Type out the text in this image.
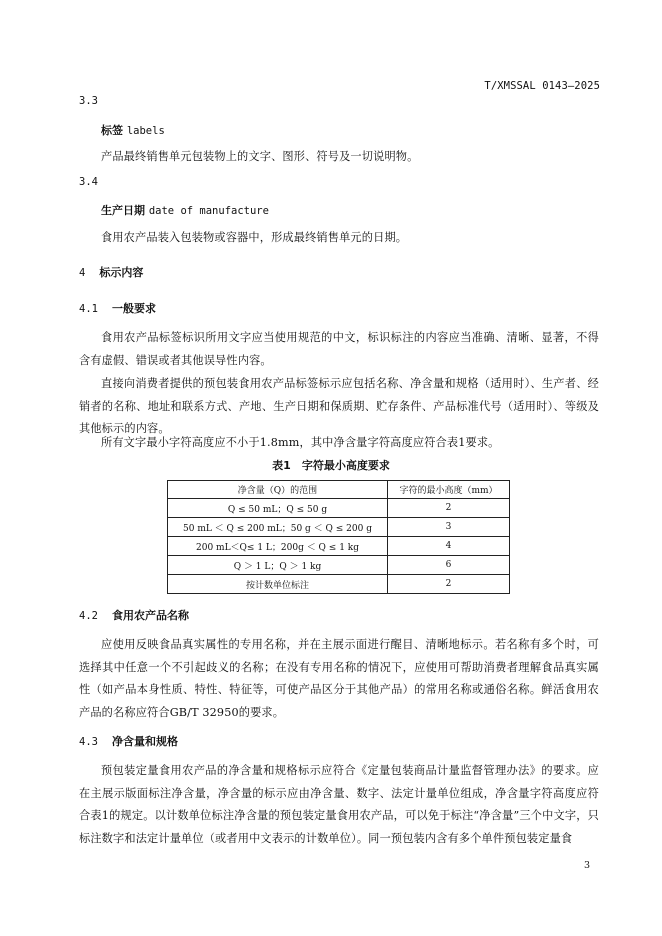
T/XMSSAL 0143—2025
3.3
标签 labels
产品最终销售单元包装物上的文字、图形、符号及一切说明物。
3.4
生产日期 date of manufacture
食用农产品装入包装物或容器中，形成最终销售单元的日期。
4 标示内容
4.1 一般要求
食用农产品标签标识所用文字应当使用规范的中文，标识标注的内容应当准确、清晰、显著，不得含有虚假、错误或者其他误导性内容。
直接向消费者提供的预包装食用农产品标签标示应包括名称、净含量和规格（适用时）、生产者、经销者的名称、地址和联系方式、产地、生产日期和保质期、贮存条件、产品标准代号（适用时）、等级及其他标示的内容。
所有文字最小字符高度应不小于1.8mm，其中净含量字符高度应符合表1要求。
表1　字符最小高度要求
净含量（Q）的范围	字符的最小高度（mm）
Q ≤ 50 mL；Q ≤ 50 g	2
50 mL ＜ Q ≤ 200 mL；50 g ＜ Q ≤ 200 g	3
200 mL＜Q≤ 1 L；200g ＜ Q ≤ 1 kg	4
Q ＞ 1 L；Q ＞ 1 kg	6
按计数单位标注	2
4.2 食用农产品名称
应使用反映食品真实属性的专用名称，并在主展示面进行醒目、清晰地标示。若名称有多个时，可选择其中任意一个不引起歧义的名称；在没有专用名称的情况下，应使用可帮助消费者理解食品真实属性（如产品本身性质、特性、特征等，可使产品区分于其他产品）的常用名称或通俗名称。鲜活食用农产品的名称应符合GB/T 32950的要求。
4.3 净含量和规格
预包装定量食用农产品的净含量和规格标示应符合《定量包装商品计量监督管理办法》的要求。应在主展示版面标注净含量，净含量的标示应由净含量、数字、法定计量单位组成，净含量字符高度应符合表1的规定。以计数单位标注净含量的预包装定量食用农产品，可以免于标注“净含量”三个中文字，只标注数字和法定计量单位（或者用中文表示的计数单位）。同一预包装内含有多个单件预包装定量食
3
